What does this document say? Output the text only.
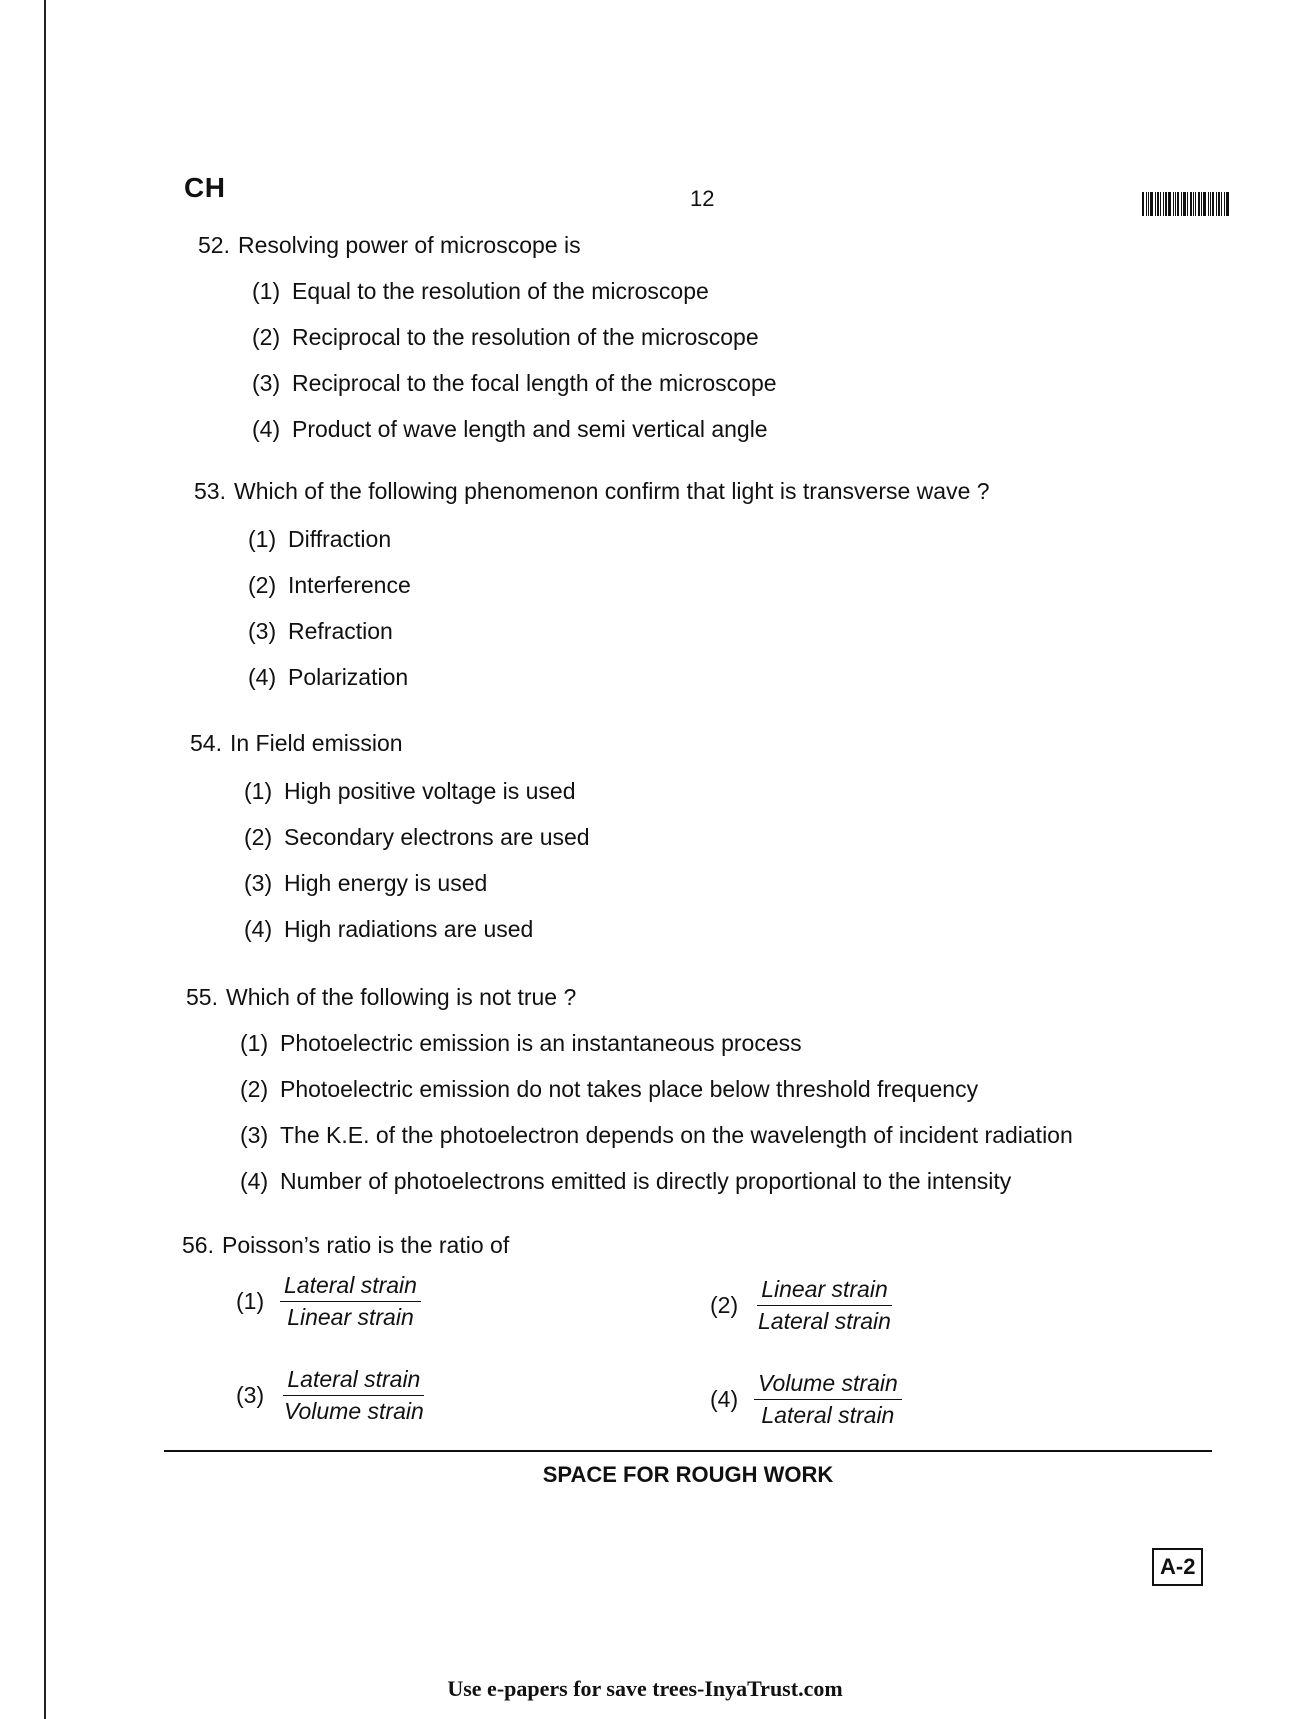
CH	12
52. Resolving power of microscope is
(1) Equal to the resolution of the microscope
(2) Reciprocal to the resolution of the microscope
(3) Reciprocal to the focal length of the microscope
(4) Product of wave length and semi vertical angle
53. Which of the following phenomenon confirm that light is transverse wave ?
(1) Diffraction
(2) Interference
(3) Refraction
(4) Polarization
54. In Field emission
(1) High positive voltage is used
(2) Secondary electrons are used
(3) High energy is used
(4) High radiations are used
55. Which of the following is not true ?
(1) Photoelectric emission is an instantaneous process
(2) Photoelectric emission do not takes place below threshold frequency
(3) The K.E. of the photoelectron depends on the wavelength of incident radiation
(4) Number of photoelectrons emitted is directly proportional to the intensity
56. Poisson’s ratio is the ratio of
$(1) \frac{\text{Lateral strain}}{\text{Linear strain}}$	$(2) \frac{\text{Linear strain}}{\text{Lateral strain}}$
$(3) \frac{\text{Lateral strain}}{\text{Volume strain}}$	$(4) \frac{\text{Volume strain}}{\text{Lateral strain}}$
SPACE FOR ROUGH WORK
A-2
Use e-papers for save trees-InyaTrust.com
